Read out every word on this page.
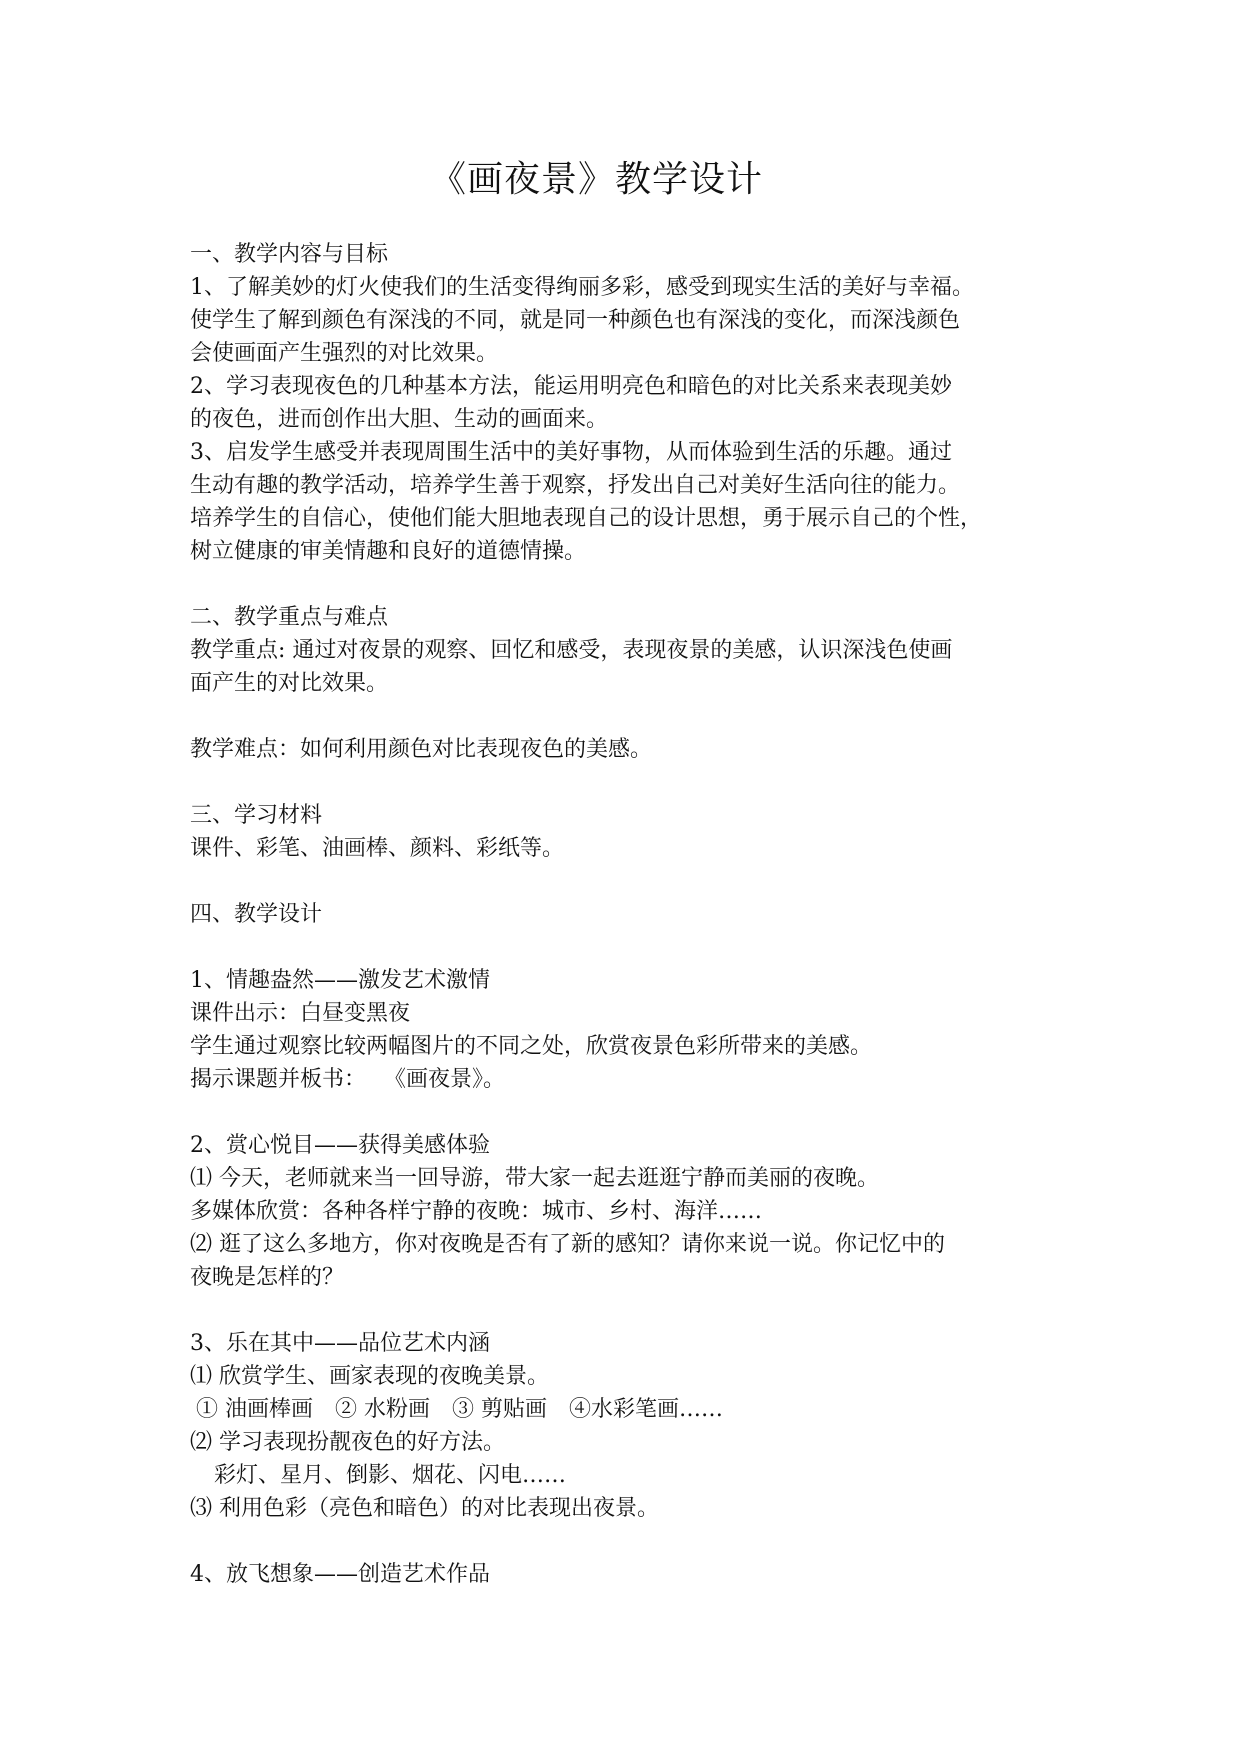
《画夜景》教学设计
一、教学内容与目标
1、了解美妙的灯火使我们的生活变得绚丽多彩，感受到现实生活的美好与幸福。
使学生了解到颜色有深浅的不同，就是同一种颜色也有深浅的变化，而深浅颜色
会使画面产生强烈的对比效果。
2、学习表现夜色的几种基本方法，能运用明亮色和暗色的对比关系来表现美妙
的夜色，进而创作出大胆、生动的画面来。
3、启发学生感受并表现周围生活中的美好事物，从而体验到生活的乐趣。通过
生动有趣的教学活动，培养学生善于观察，抒发出自己对美好生活向往的能力。
培养学生的自信心，使他们能大胆地表现自己的设计思想，勇于展示自己的个性，
树立健康的审美情趣和良好的道德情操。
二、教学重点与难点
教学重点: 通过对夜景的观察、回忆和感受，表现夜景的美感，认识深浅色使画
面产生的对比效果。
教学难点：如何利用颜色对比表现夜色的美感。
三、学习材料
课件、彩笔、油画棒、颜料、彩纸等。
四、教学设计
1、情趣盎然——激发艺术激情
课件出示：白昼变黑夜
学生通过观察比较两幅图片的不同之处，欣赏夜景色彩所带来的美感。
揭示课题并板书：　 《画夜景》。
2、赏心悦目——获得美感体验
⑴ 今天，老师就来当一回导游，带大家一起去逛逛宁静而美丽的夜晚。
多媒体欣赏：各种各样宁静的夜晚：城市、乡村、海洋……
⑵ 逛了这么多地方，你对夜晚是否有了新的感知？请你来说一说。你记忆中的
夜晚是怎样的？
3、乐在其中——品位艺术内涵
⑴ 欣赏学生、画家表现的夜晚美景。
① 油画棒画　② 水粉画　③ 剪贴画　④水彩笔画……
⑵ 学习表现扮靓夜色的好方法。
彩灯、星月、倒影、烟花、闪电……
⑶ 利用色彩（亮色和暗色）的对比表现出夜景。
4、放飞想象——创造艺术作品
